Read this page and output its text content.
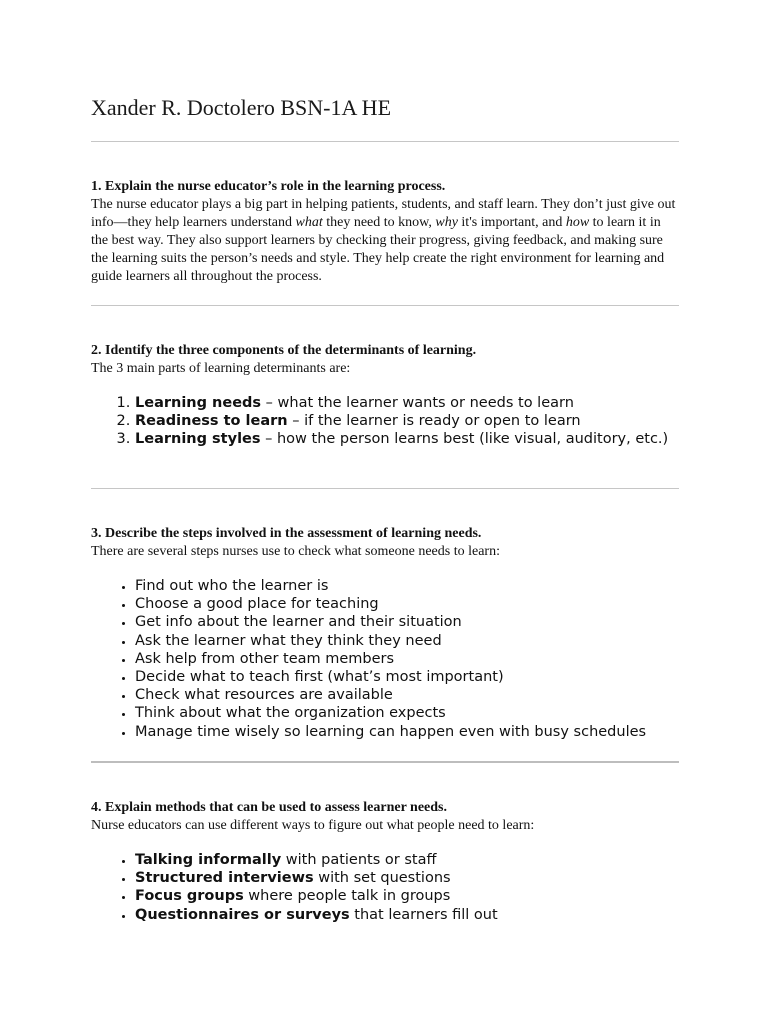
Xander R. Doctolero BSN-1A HE

1. Explain the nurse educator’s role in the learning process.

The nurse educator plays a big part in helping patients, students, and staff learn. They don’t just give out info—they help learners understand what they need to know, why it's important, and how to learn it in the best way. They also support learners by checking their progress, giving feedback, and making sure the learning suits the person’s needs and style. They help create the right environment for learning and guide learners all throughout the process.

2. Identify the three components of the determinants of learning.

The 3 main parts of learning determinants are:

1. Learning needs – what the learner wants or needs to learn
2. Readiness to learn – if the learner is ready or open to learn
3. Learning styles – how the person learns best (like visual, auditory, etc.)

3. Describe the steps involved in the assessment of learning needs.

There are several steps nurses use to check what someone needs to learn:

• Find out who the learner is
• Choose a good place for teaching
• Get info about the learner and their situation
• Ask the learner what they think they need
• Ask help from other team members
• Decide what to teach first (what’s most important)
• Check what resources are available
• Think about what the organization expects
• Manage time wisely so learning can happen even with busy schedules

4. Explain methods that can be used to assess learner needs.

Nurse educators can use different ways to figure out what people need to learn:

• Talking informally with patients or staff
• Structured interviews with set questions
• Focus groups where people talk in groups
• Questionnaires or surveys that learners fill out
